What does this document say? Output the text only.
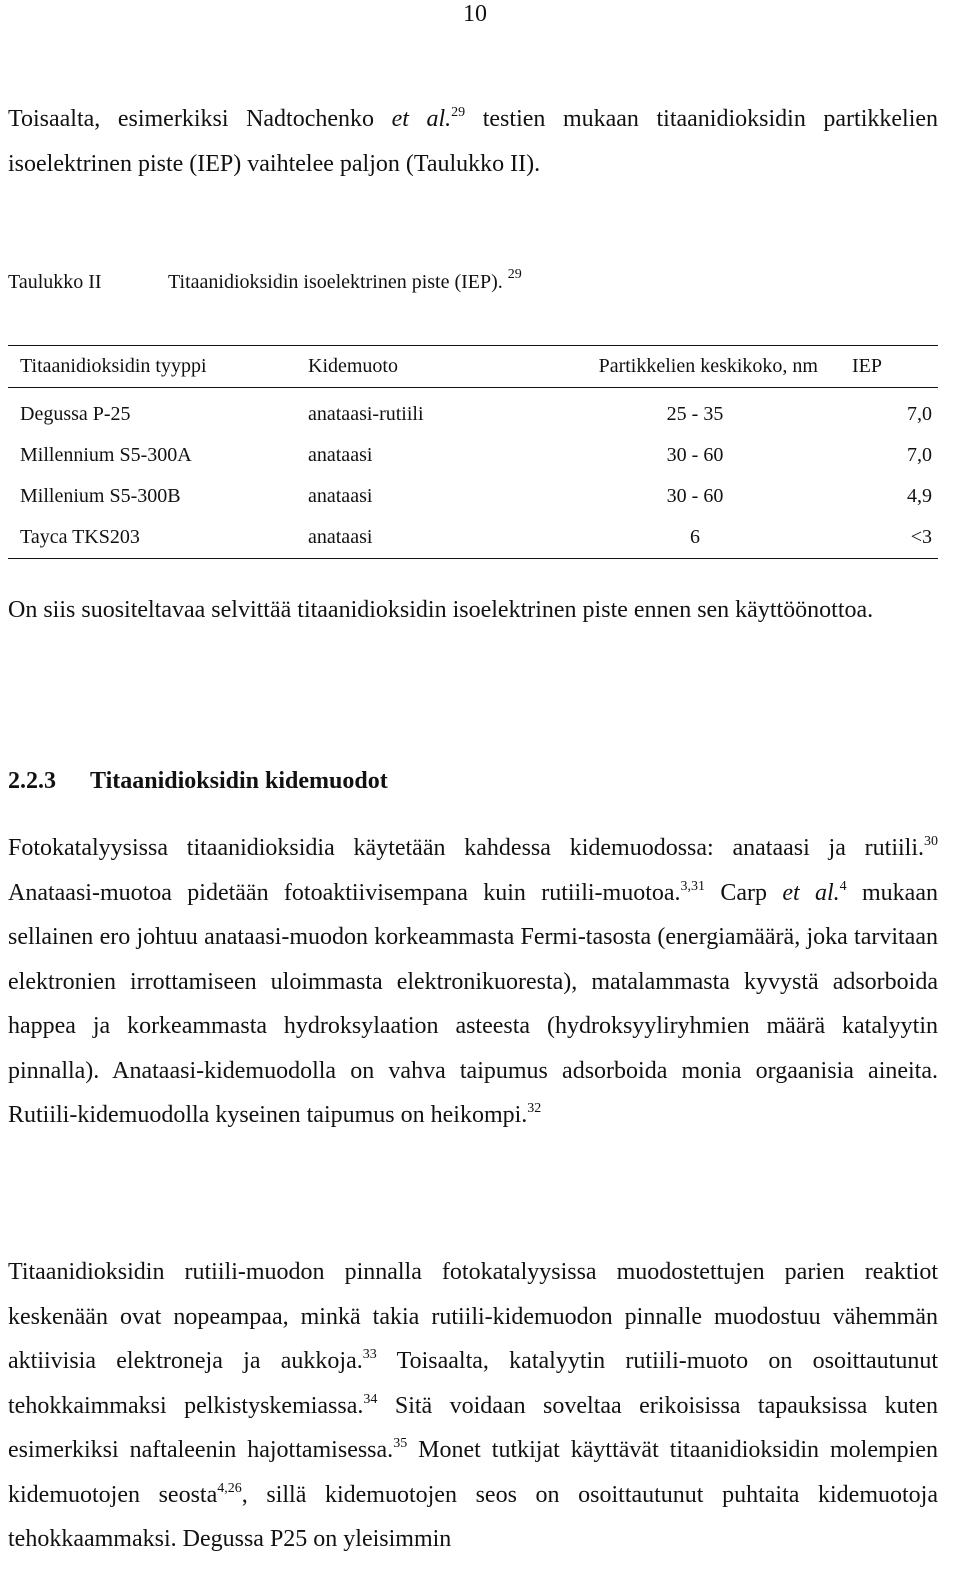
10

Toisaalta, esimerkiksi Nadtochenko et al.$^{29}$ testien mukaan titaanidioksidin partikkelien isoelektrinen piste (IEP) vaihtelee paljon (Taulukko II).

Taulukko II	Titaanidioksidin isoelektrinen piste (IEP). $^{29}$
Titaanidioksidin tyyppi	Kidemuoto	Partikkelien keskikoko, nm	IEP
Degussa P-25	anataasi-rutiili	25 - 35	7,0
Millennium S5-300A	anataasi	30 - 60	7,0
Millenium S5-300B	anataasi	30 - 60	4,9
Tayca TKS203	anataasi	6	<3

On siis suositeltavaa selvittää titaanidioksidin isoelektrinen piste ennen sen käyttöönottoa.

2.2.3 Titaanidioksidin kidemuodot

Fotokatalyysissa titaanidioksidia käytetään kahdessa kidemuodossa: anataasi ja rutiili.$^{30}$ Anataasi-muotoa pidetään fotoaktiivisempana kuin rutiili-muotoa.$^{3,31}$ Carp et al.$^4$ mukaan sellainen ero johtuu anataasi-muodon korkeammasta Fermi-tasosta (energiamäärä, joka tarvitaan elektronien irrottamiseen uloimmasta elektronikuoresta), matalammasta kyvystä adsorboida happea ja korkeammasta hydroksylaation asteesta (hydroksyyliryhmien määrä katalyytin pinnalla). Anataasi-kidemuodolla on vahva taipumus adsorboida monia orgaanisia aineita. Rutiili-kidemuodolla kyseinen taipumus on heikompi.$^{32}$

Titaanidioksidin rutiili-muodon pinnalla fotokatalyysissa muodostettujen parien reaktiot keskenään ovat nopeampaa, minkä takia rutiili-kidemuodon pinnalle muodostuu vähemmän aktiivisia elektroneja ja aukkoja.$^{33}$ Toisaalta, katalyytin rutiili-muoto on osoittautunut tehokkaimmaksi pelkistyskemiassa.$^{34}$ Sitä voidaan soveltaa erikoisissa tapauksissa kuten esimerkiksi naftaleenin hajottamisessa.$^{35}$ Monet tutkijat käyttävät titaanidioksidin molempien kidemuotojen seosta$^{4,26}$, sillä kidemuotojen seos on osoittautunut puhtaita kidemuotoja tehokkaammaksi. Degussa P25 on yleisimmin
